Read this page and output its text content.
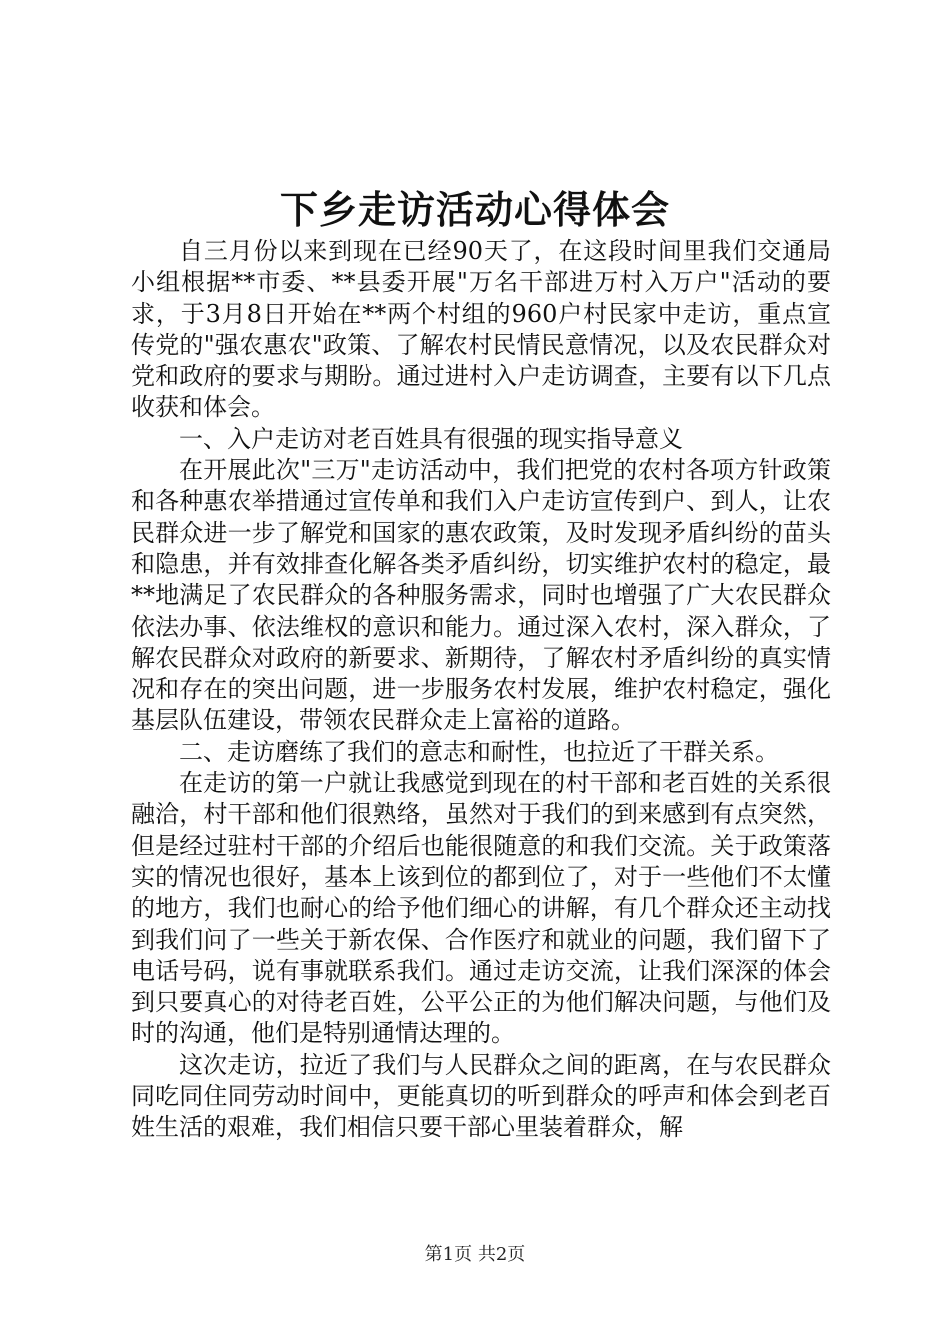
下乡走访活动心得体会

自三月份以来到现在已经90天了，在这段时间里我们交通局小组根据**市委、**县委开展"万名干部进万村入万户"活动的要求，于3月8日开始在**两个村组的960户村民家中走访，重点宣传党的"强农惠农"政策、了解农村民情民意情况，以及农民群众对党和政府的要求与期盼。通过进村入户走访调查，主要有以下几点收获和体会。

一、入户走访对老百姓具有很强的现实指导意义

在开展此次"三万"走访活动中，我们把党的农村各项方针政策和各种惠农举措通过宣传单和我们入户走访宣传到户、到人，让农民群众进一步了解党和国家的惠农政策，及时发现矛盾纠纷的苗头和隐患，并有效排查化解各类矛盾纠纷，切实维护农村的稳定，最**地满足了农民群众的各种服务需求，同时也增强了广大农民群众依法办事、依法维权的意识和能力。通过深入农村，深入群众，了解农民群众对政府的新要求、新期待，了解农村矛盾纠纷的真实情况和存在的突出问题，进一步服务农村发展，维护农村稳定，强化基层队伍建设，带领农民群众走上富裕的道路。

二、走访磨练了我们的意志和耐性，也拉近了干群关系。

在走访的第一户就让我感觉到现在的村干部和老百姓的关系很融洽，村干部和他们很熟络，虽然对于我们的到来感到有点突然，但是经过驻村干部的介绍后也能很随意的和我们交流。关于政策落实的情况也很好，基本上该到位的都到位了，对于一些他们不太懂的地方，我们也耐心的给予他们细心的讲解，有几个群众还主动找到我们问了一些关于新农保、合作医疗和就业的问题，我们留下了电话号码，说有事就联系我们。通过走访交流，让我们深深的体会到只要真心的对待老百姓，公平公正的为他们解决问题，与他们及时的沟通，他们是特别通情达理的。

这次走访，拉近了我们与人民群众之间的距离，在与农民群众同吃同住同劳动时间中，更能真切的听到群众的呼声和体会到老百姓生活的艰难，我们相信只要干部心里装着群众，解

第1页 共2页
